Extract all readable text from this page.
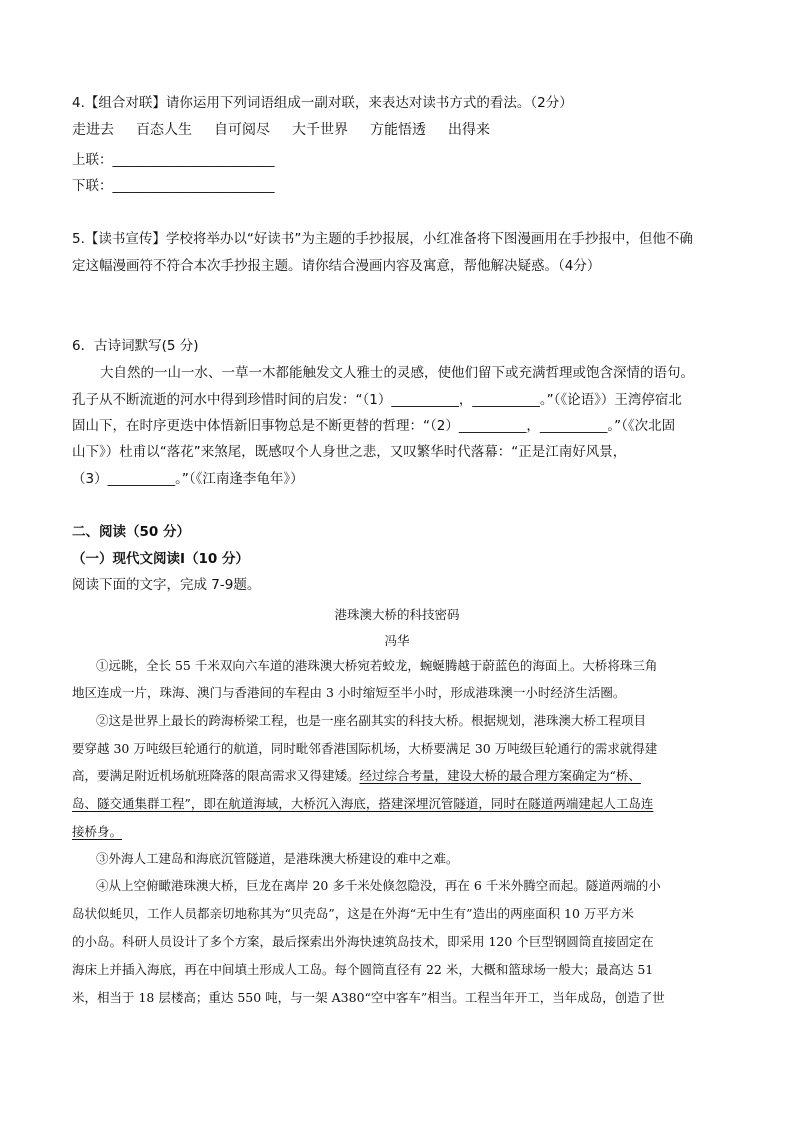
4.【组合对联】请你运用下列词语组成一副对联，来表达对读书方式的看法。（2分）
走进去 百态人生 自可阅尽 大千世界 方能悟透 出得来
上联：________________________
下联：________________________
5.【读书宣传】学校将举办以“好读书”为主题的手抄报展，小红准备将下图漫画用在手抄报中，但他不确
定这幅漫画符不符合本次手抄报主题。请你结合漫画内容及寓意，帮他解决疑惑。（4分）
6．古诗词默写(5 分)
大自然的一山一水、一草一木都能触发文人雅士的灵感，使他们留下或充满哲理或饱含深情的语句。
孔子从不断流逝的河水中得到珍惜时间的启发：“（1）__________，__________。”（《论语》）王湾停宿北
固山下，在时序更迭中体悟新旧事物总是不断更替的哲理：“（2）__________，__________。”（《次北固
山下》）杜甫以“落花”来煞尾，既感叹个人身世之悲，又叹繁华时代落幕：“正是江南好风景，
（3）__________。”（《江南逢李龟年》）
二、阅读（50 分）
（一）现代文阅读Ⅰ（10 分）
阅读下面的文字，完成 7-9题。
港珠澳大桥的科技密码
冯华
①远眺，全长 55 千米双向六车道的港珠澳大桥宛若蛟龙，蜿蜒腾越于蔚蓝色的海面上。大桥将珠三角
地区连成一片，珠海、澳门与香港间的车程由 3 小时缩短至半小时，形成港珠澳一小时经济生活圈。
②这是世界上最长的跨海桥梁工程，也是一座名副其实的科技大桥。根据规划，港珠澳大桥工程项目
要穿越 30 万吨级巨轮通行的航道，同时毗邻香港国际机场，大桥要满足 30 万吨级巨轮通行的需求就得建
高，要满足附近机场航班降落的限高需求又得建矮。经过综合考量，建设大桥的最合理方案确定为“桥、
岛、隧交通集群工程”，即在航道海域，大桥沉入海底，搭建深埋沉管隧道，同时在隧道两端建起人工岛连
接桥身。
③外海人工建岛和海底沉管隧道，是港珠澳大桥建设的难中之难。
④从上空俯瞰港珠澳大桥，巨龙在离岸 20 多千米处倏忽隐没，再在 6 千米外腾空而起。隧道两端的小
岛状似蚝贝，工作人员都亲切地称其为“贝壳岛”，这是在外海“无中生有”造出的两座面积 10 万平方米
的小岛。科研人员设计了多个方案，最后探索出外海快速筑岛技术，即采用 120 个巨型钢圆筒直接固定在
海床上并插入海底，再在中间填土形成人工岛。每个圆筒直径有 22 米，大概和篮球场一般大；最高达 51
米，相当于 18 层楼高；重达 550 吨，与一架 A380“空中客车”相当。工程当年开工，当年成岛，创造了世
